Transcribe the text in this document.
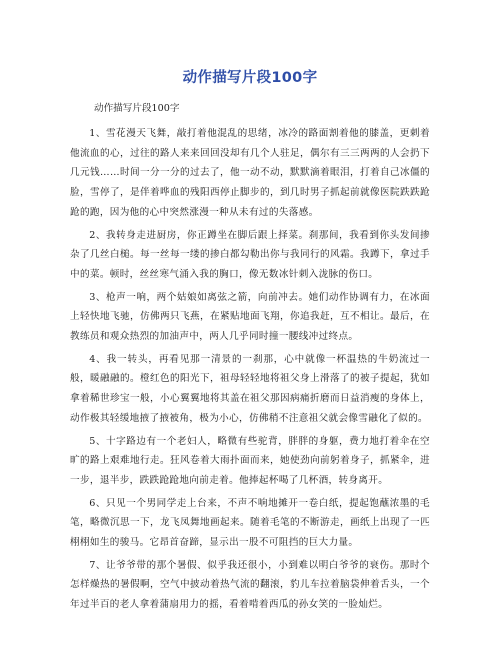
动作描写片段100字
动作描写片段100字

1、雪花漫天飞舞，敲打着他混乱的思绪，冰冷的路面割着他的膝盖，更刺着他流血的心，过往的路人来来回回没却有几个人驻足，偶尔有三三两两的人会扔下几元钱……时间一分一分的过去了，他一动不动，默默滴着眼泪，打着自己冰僵的脸，雪停了，是伴着哗血的残阳西停止脚步的，到几时男子抓起前就像医院跌跌跄跄的跑，因为他的心中突然涨漫一种从未有过的失落感。

2、我转身走进厨房，你正蹲坐在脚后跟上择菜。刹那间，我看到你头发间掺杂了几丝白槌。每一丝每一缕的掺白都勾勒出你与我同行的风霜。我蹲下，拿过手中的菜。顿时，丝丝寒气涌入我的胸口，像无数冰针刺入泷脉的伤口。

3、枪声一响，两个姑娘如离弦之箭，向前冲去。她们动作协调有力，在冰面上轻快地飞驰，仿佛两只飞燕，在紧贴地面飞翔，你追我赶，互不相让。最后，在教练员和观众热烈的加油声中，两人几乎同时撞一腰线冲过终点。

4、我一转头，再看见那一清景的一刹那，心中就像一杯温热的牛奶流过一般，暖融融的。橙红色的阳光下，祖母轻轻地将祖父身上滑落了的被子提起，犹如拿着稀世珍宝一般，小心翼翼地将其盖在祖父那因病痛折磨而日益消瘦的身体上，动作极其轻缓地掖了掖被角，极为小心，仿佛稍不注意祖父就会像雪融化了似的。

5、十字路边有一个老妇人，略微有些驼背，胖胖的身躯，费力地打着伞在空旷的路上艰难地行走。狂风卷着大雨扑面而来，她使劲向前躬着身子，抓紧伞，进一步，退半步，跌跌跄跄地向前走着。他捧起杯喝了几杯酒，转身离开。

6、只见一个男同学走上台来，不声不响地摊开一卷白纸，提起饱蘸浓墨的毛笔，略微沉思一下，龙飞凤舞地画起来。随着毛笔的不断游走，画纸上出现了一匹栩栩如生的骏马。它昂首奋蹄，显示出一股不可阻挡的巨大力量。

7、让爷爷带的那个暑假、似乎我还很小，小到难以明白爷爷的衰伤。那时个怎样燥热的暑假啊，空气中披动着热气流的翻滚，豹儿车拉着脑袋伸着舌头，一个年过半百的老人拿着蒲扇用力的摇，看着啃着西瓜的孙女笑的一脸灿烂。
